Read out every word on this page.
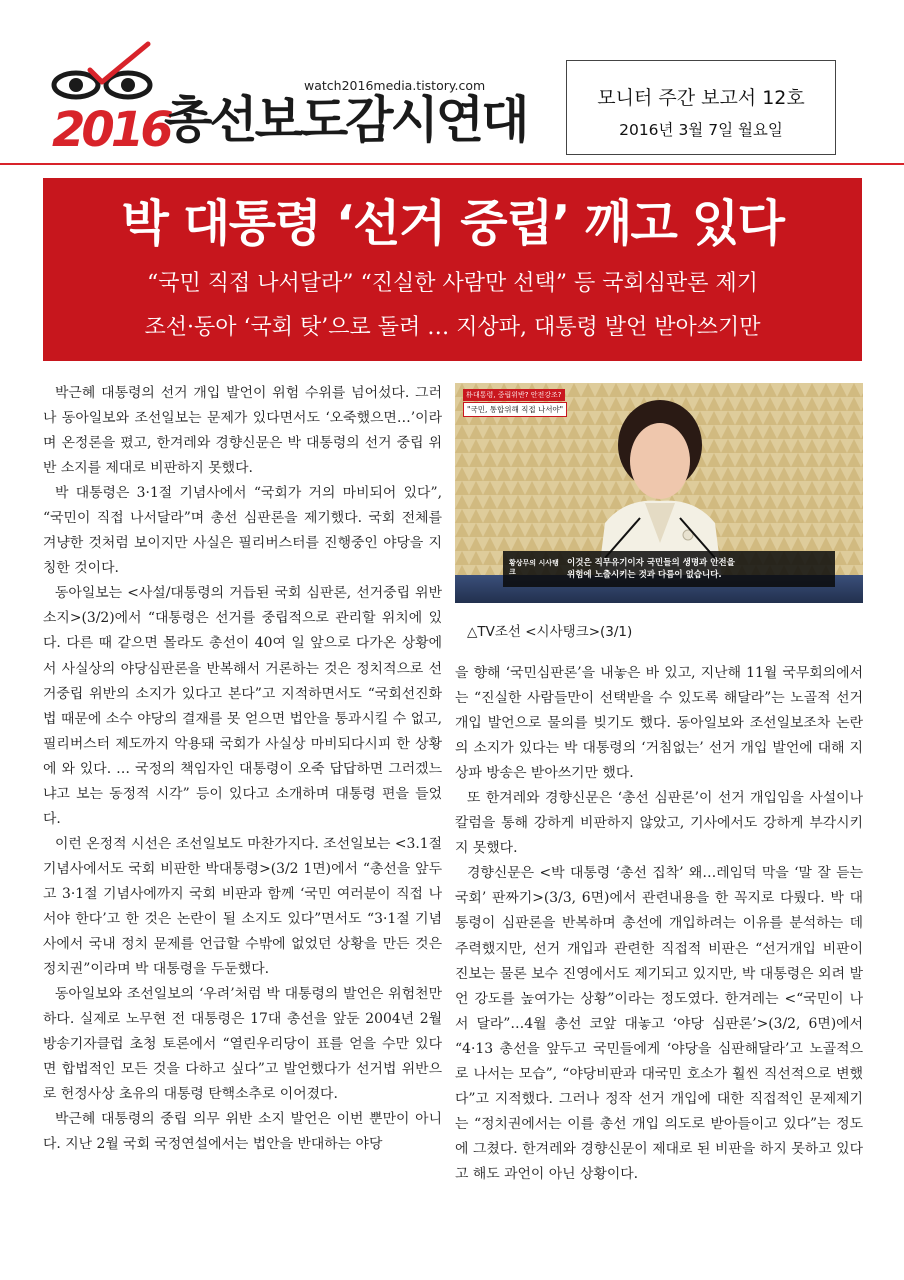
2016
watch2016media.tistory.com
총선보도감시연대	모니터 주간 보고서 12호
2016년 3월 7일 월요일
박 대통령 ‘선거 중립’ 깨고 있다
“국민 직접 나서달라” “진실한 사람만 선택” 등 국회심판론 제기
조선·동아 ‘국회 탓’으로 돌려 … 지상파, 대통령 발언 받아쓰기만

박근혜 대통령의 선거 개입 발언이 위험 수위를 넘어섰다. 그러나 동아일보와 조선일보는 문제가 있다면서도 ‘오죽했으면…’이라며 온정론을 폈고, 한겨레와 경향신문은 박 대통령의 선거 중립 위반 소지를 제대로 비판하지 못했다.

박 대통령은 3·1절 기념사에서 “국회가 거의 마비되어 있다”, “국민이 직접 나서달라”며 총선 심판론을 제기했다. 국회 전체를 겨냥한 것처럼 보이지만 사실은 필리버스터를 진행중인 야당을 지칭한 것이다.

동아일보는 <사설/대통령의 거듭된 국회 심판론, 선거중립 위반 소지>(3/2)에서 “대통령은 선거를 중립적으로 관리할 위치에 있다. 다른 때 같으면 몰라도 총선이 40여 일 앞으로 다가온 상황에서 사실상의 야당심판론을 반복해서 거론하는 것은 정치적으로 선거중립 위반의 소지가 있다고 본다”고 지적하면서도 “국회선진화법 때문에 소수 야당의 결재를 못 얻으면 법안을 통과시킬 수 없고, 필리버스터 제도까지 악용돼 국회가 사실상 마비되다시피 한 상황에 와 있다. … 국정의 책임자인 대통령이 오죽 답답하면 그러겠느냐고 보는 동정적 시각” 등이 있다고 소개하며 대통령 편을 들었다.

이런 온정적 시선은 조선일보도 마찬가지다. 조선일보는 <3.1절 기념사에서도 국회 비판한 박대통령>(3/2 1면)에서 “총선을 앞두고 3·1절 기념사에까지 국회 비판과 함께 ‘국민 여러분이 직접 나서야 한다’고 한 것은 논란이 될 소지도 있다”면서도 “3·1절 기념사에서 국내 정치 문제를 언급할 수밖에 없었던 상황을 만든 것은 정치권”이라며 박 대통령을 두둔했다.

동아일보와 조선일보의 ‘우려’처럼 박 대통령의 발언은 위험천만하다. 실제로 노무현 전 대통령은 17대 총선을 앞둔 2004년 2월 방송기자클럽 초청 토론에서 “열린우리당이 표를 얻을 수만 있다면 합법적인 모든 것을 다하고 싶다”고 발언했다가 선거법 위반으로 헌정사상 초유의 대통령 탄핵소추로 이어졌다.

박근혜 대통령의 중립 의무 위반 소지 발언은 이번 뿐만이 아니다. 지난 2월 국회 국정연설에서는 법안을 반대하는 야당

朴대통령, 중립위반? 안전강조?
"국민, 통합위해 직접 나서야"
황상무의 시사탱크
이것은 직무유기이자 국민들의 생명과 안전을
위험에 노출시키는 것과 다름이 없습니다.
△TV조선 <시사탱크>(3/1)

을 향해 ‘국민심판론’을 내놓은 바 있고, 지난해 11월 국무회의에서는 “진실한 사람들만이 선택받을 수 있도록 해달라”는 노골적 선거 개입 발언으로 물의를 빚기도 했다. 동아일보와 조선일보조차 논란의 소지가 있다는 박 대통령의 ‘거침없는’ 선거 개입 발언에 대해 지상파 방송은 받아쓰기만 했다.

또 한겨레와 경향신문은 ‘총선 심판론’이 선거 개입임을 사설이나 칼럼을 통해 강하게 비판하지 않았고, 기사에서도 강하게 부각시키지 못했다.

경향신문은 <박 대통령 ‘총선 집착’ 왜…레임덕 막을 ‘말 잘 듣는 국회’ 판짜기>(3/3, 6면)에서 관련내용을 한 꼭지로 다뤘다. 박 대통령이 심판론을 반복하며 총선에 개입하려는 이유를 분석하는 데 주력했지만, 선거 개입과 관련한 직접적 비판은 “선거개입 비판이 진보는 물론 보수 진영에서도 제기되고 있지만, 박 대통령은 외려 발언 강도를 높여가는 상황”이라는 정도였다. 한겨레는 <“국민이 나서 달라”…4월 총선 코앞 대놓고 ‘야당 심판론’>(3/2, 6면)에서 “4·13 총선을 앞두고 국민들에게 ‘야당을 심판해달라’고 노골적으로 나서는 모습”, “야당비판과 대국민 호소가 훨씬 직선적으로 변했다”고 지적했다. 그러나 정작 선거 개입에 대한 직접적인 문제제기는 “정치권에서는 이를 총선 개입 의도로 받아들이고 있다”는 정도에 그쳤다. 한겨레와 경향신문이 제대로 된 비판을 하지 못하고 있다고 해도 과언이 아닌 상황이다.
